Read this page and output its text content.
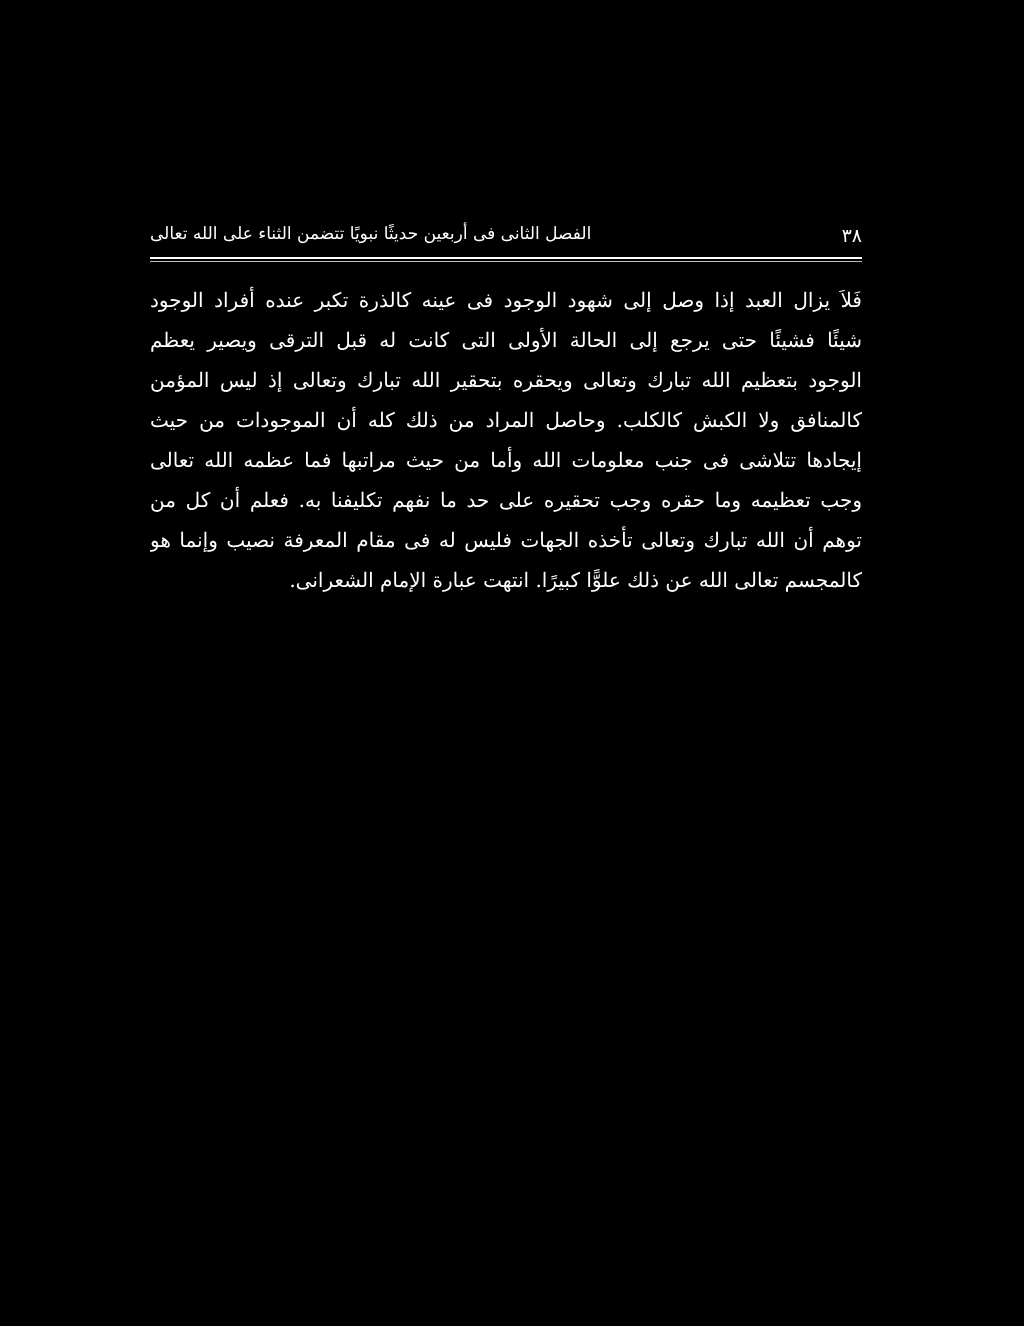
٣٨
الفصل الثانى فى أربعين حديثًا نبويًا تتضمن الثناء على الله تعالى
فَلاَ يزال العبد إذا وصل إلى شهود الوجود فى عينه كالذرة تكبر عنده أفراد الوجود
شيئًا فشيئًا حتى يرجع إلى الحالة الأولى التى كانت له قبل الترقى ويصير يعظم
الوجود بتعظيم الله تبارك وتعالى ويحقره بتحقير الله تبارك وتعالى إذ ليس المؤمن
كالمنافق ولا الكبش كالكلب. وحاصل المراد من ذلك كله أن الموجودات من حيث
إيجادها تتلاشى فى جنب معلومات الله وأما من حيث مراتبها فما عظمه الله تعالى
وجب تعظيمه وما حقره وجب تحقيره على حد ما نفهم تكليفنا به. فعلم أن كل من
توهم أن الله تبارك وتعالى تأخذه الجهات فليس له فى مقام المعرفة نصيب وإنما هو
كالمجسم تعالى الله عن ذلك علوًّا كبيرًا. انتهت عبارة الإمام الشعرانى.
